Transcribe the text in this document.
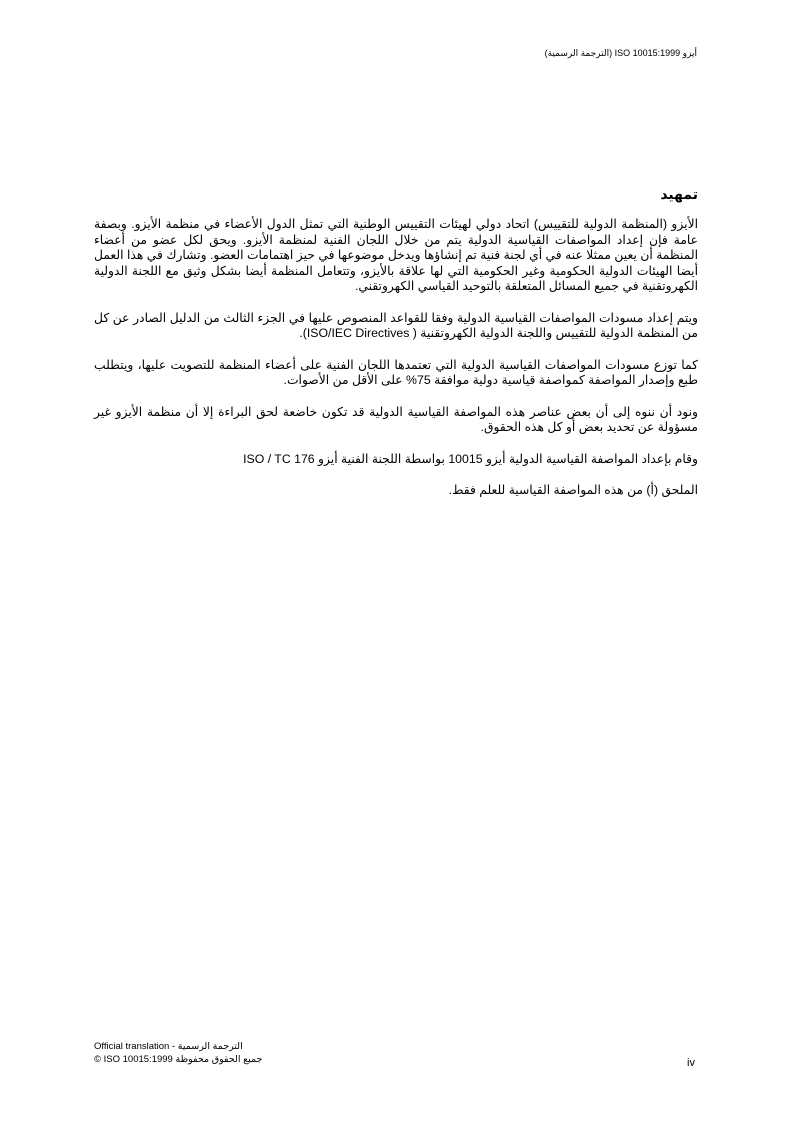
أيزو ISO 10015:1999 (الترجمة الرسمية)
تمهيد

الأيزو (المنظمة الدولية للتقييس) اتحاد دولي لهيئات التقييس الوطنية التي تمثل الدول الأعضاء في منظمة الأيزو. وبصفة عامة فإن إعداد المواصفات القياسية الدولية يتم من خلال اللجان الفنية لمنظمة الأيزو. ويحق لكل عضو من أعضاء المنظمة أن يعين ممثلا عنه في أي لجنة فنية تم إنشاؤها ويدخل موضوعها في حيز اهتمامات العضو. وتشارك في هذا العمل أيضا الهيئات الدولية الحكومية وغير الحكومية التي لها علاقة بالأيزو، وتتعامل المنظمة أيضا بشكل وثيق مع اللجنة الدولية الكهروتقنية في جميع المسائل المتعلقة بالتوحيد القياسي الكهروتقني.

ويتم إعداد مسودات المواصفات القياسية الدولية وفقا للقواعد المنصوص عليها في الجزء الثالث من الدليل الصادر عن كل من المنظمة الدولية للتقييس واللجنة الدولية الكهروتقنية ( ISO/IEC Directives).

كما توزع مسودات المواصفات القياسية الدولية التي تعتمدها اللجان الفنية على أعضاء المنظمة للتصويت عليها، ويتطلب طبع وإصدار المواصفة كمواصفة قياسية دولية موافقة 75% على الأقل من الأصوات.

ونود أن ننوه إلى أن بعض عناصر هذه المواصفة القياسية الدولية قد تكون خاضعة لحق البراءة إلا أن منظمة الأيزو غير مسؤولة عن تحديد بعض أو كل هذه الحقوق.

وقام بإعداد المواصفة القياسية الدولية أيزو 10015 بواسطة اللجنة الفنية أيزو ISO / TC 176

الملحق (أ) من هذه المواصفة القياسية للعلم فقط.

Official translation - الترجمة الرسمية
© ISO 10015:1999 جميع الحقوق محفوظة	iv
